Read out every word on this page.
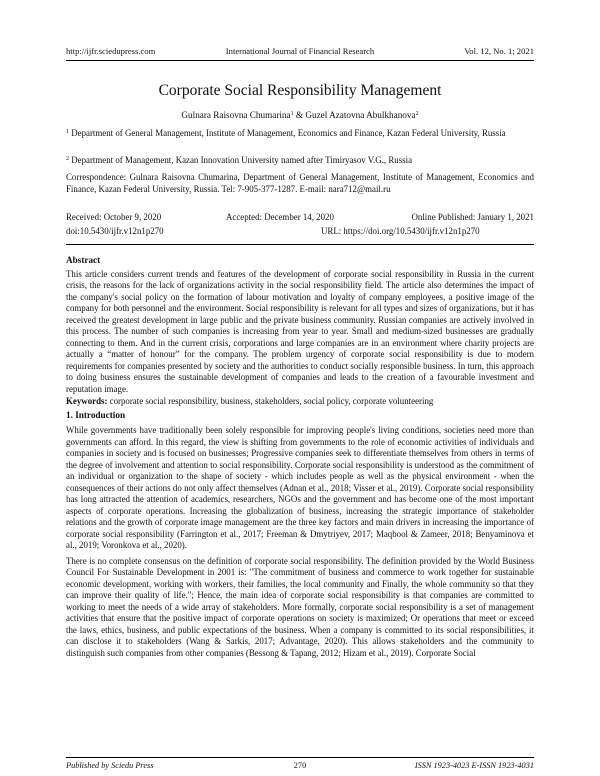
http://ijfr.sciedupress.com	International Journal of Financial Research	Vol. 12, No. 1; 2021
Corporate Social Responsibility Management
Gulnara Raisovna Chumarina$^1$ & Guzel Azatovna Abulkhanova$^2$
$^1$ Department of General Management, Institute of Management, Economics and Finance, Kazan Federal University, Russia
$^2$ Department of Management, Kazan Innovation University named after Timiryasov V.G., Russia
Correspondence: Gulnara Raisovna Chumarina, Department of General Management, Institute of Management, Economics and Finance, Kazan Federal University, Russia. Tel: 7-905-377-1287. E-mail: nara712@mail.ru
Received: October 9, 2020	Accepted: December 14, 2020	Online Published: January 1, 2021
doi:10.5430/ijfr.v12n1p270	URL: https://doi.org/10.5430/ijfr.v12n1p270
Abstract

This article considers current trends and features of the development of corporate social responsibility in Russia in the current crisis, the reasons for the lack of organizations activity in the social responsibility field. The article also determines the impact of the company's social policy on the formation of labour motivation and loyalty of company employees, a positive image of the company for both personnel and the environment. Social responsibility is relevant for all types and sizes of organizations, but it has received the greatest development in large public and the private business community. Russian companies are actively involved in this process. The number of such companies is increasing from year to year. Small and medium-sized businesses are gradually connecting to them. And in the current crisis, corporations and large companies are in an environment where charity projects are actually a “matter of honour” for the company. The problem urgency of corporate social responsibility is due to modern requirements for companies presented by society and the authorities to conduct socially responsible business. In turn, this approach to doing business ensures the sustainable development of companies and leads to the creation of a favourable investment and reputation image.

Keywords: corporate social responsibility, business, stakeholders, social policy, corporate volunteering

1. Introduction

While governments have traditionally been solely responsible for improving people's living conditions, societies need more than governments can afford. In this regard, the view is shifting from governments to the role of economic activities of individuals and companies in society and is focused on businesses; Progressive companies seek to differentiate themselves from others in terms of the degree of involvement and attention to social responsibility. Corporate social responsibility is understood as the commitment of an individual or organization to the shape of society - which includes people as well as the physical environment - when the consequences of their actions do not only affect themselves (Adnan et al., 2018; Visser et al., 2019). Corporate social responsibility has long attracted the attention of academics, researchers, NGOs and the government and has become one of the most important aspects of corporate operations. Increasing the globalization of business, increasing the strategic importance of stakeholder relations and the growth of corporate image management are the three key factors and main drivers in increasing the importance of corporate social responsibility (Farrington et al., 2017; Freeman & Dmytriyev, 2017; Maqbool & Zameer, 2018; Benyaminova et al., 2019; Voronkova et al., 2020).

There is no complete consensus on the definition of corporate social responsibility. The definition provided by the World Business Council For Sustainable Development in 2001 is: "The commitment of business and commerce to work together for sustainable economic development, working with workers, their families, the local community and Finally, the whole community so that they can improve their quality of life."; Hence, the main idea of corporate social responsibility is that companies are committed to working to meet the needs of a wide array of stakeholders. More formally, corporate social responsibility is a set of management activities that ensure that the positive impact of corporate operations on society is maximized; Or operations that meet or exceed the laws, ethics, business, and public expectations of the business. When a company is committed to its social responsibilities, it can disclose it to stakeholders (Wang & Sarkis, 2017; Advantage, 2020). This allows stakeholders and the community to distinguish such companies from other companies (Bessong & Tapang, 2012; Hizam et al., 2019). Corporate Social

Published by Sciedu Press	270	ISSN 1923-4023 E-ISSN 1923-4031
